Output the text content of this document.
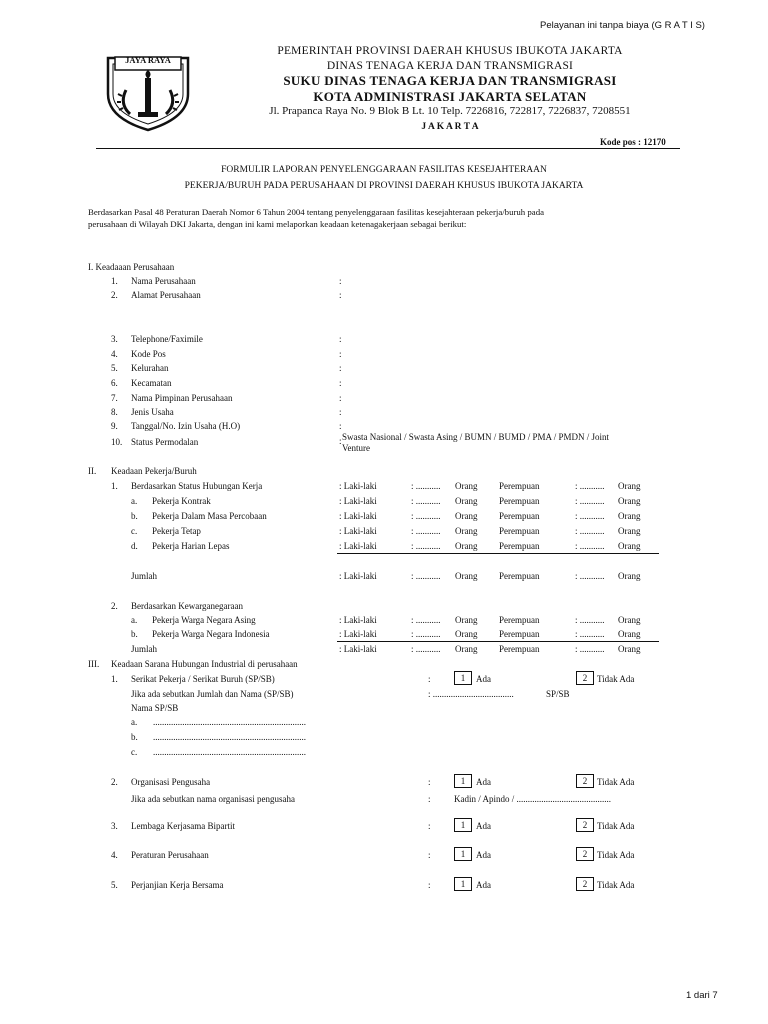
Pelayanan ini tanpa biaya (G R A T I S)
JAYA RAYA
PEMERINTAH PROVINSI DAERAH KHUSUS IBUKOTA JAKARTA
DINAS TENAGA KERJA DAN TRANSMIGRASI
SUKU DINAS TENAGA KERJA DAN TRANSMIGRASI
KOTA ADMINISTRASI JAKARTA SELATAN
Jl. Prapanca Raya No. 9 Blok B Lt. 10 Telp. 7226816, 722817, 7226837, 7208551
J A K A R T A
Kode pos : 12170
FORMULIR LAPORAN PENYELENGGARAAN FASILITAS KESEJAHTERAAN
PEKERJA/BURUH PADA PERUSAHAAN DI PROVINSI DAERAH KHUSUS IBUKOTA JAKARTA
Berdasarkan Pasal 48 Peraturan Daerah Nomor 6 Tahun 2004 tentang penyelenggaraan fasilitas kesejahteraan pekerja/buruh pada
perusahaan di Wilayah DKI Jakarta, dengan ini kami melaporkan keadaan ketenagakerjaan sebagai berikut:
I. Keadaaan Perusahaan
1. Nama Perusahaan	:
2. Alamat Perusahaan	:
3. Telephone/Faximile	:
4. Kode Pos	:
5. Kelurahan	:
6. Kecamatan	:
7. Nama Pimpinan Perusahaan	:
8. Jenis Usaha	:
9. Tanggal/No. Izin Usaha (H.O)	:
10. Status Permodalan	: Swasta Nasional / Swasta Asing / BUMN / BUMD / PMA / PMDN / Joint
Venture
II. Keadaan Pekerja/Buruh
1. Berdasarkan Status Hubungan Kerja	: Laki-laki	: ........... Orang Perempuan	: ........... Orang
a. Pekerja Kontrak	: Laki-laki	: ........... Orang Perempuan	: ........... Orang
b. Pekerja Dalam Masa Percobaan	: Laki-laki	: ........... Orang Perempuan	: ........... Orang
c. Pekerja Tetap	: Laki-laki	: ........... Orang Perempuan	: ........... Orang
d. Pekerja Harian Lepas	: Laki-laki	: ........... Orang Perempuan	: ........... Orang
Jumlah	: Laki-laki	: ........... Orang Perempuan	: ........... Orang
2. Berdasarkan Kewarganegaraan
a. Pekerja Warga Negara Asing	: Laki-laki	: ........... Orang Perempuan	: ........... Orang
b. Pekerja Warga Negara Indonesia	: Laki-laki	: ........... Orang Perempuan	: ........... Orang
Jumlah	: Laki-laki	: ........... Orang Perempuan	: ........... Orang
III. Keadaan Sarana Hubungan Industrial di perusahaan
1. Serikat Pekerja / Serikat Buruh (SP/SB)	:	1	Ada	2	Tidak Ada
Jika ada sebutkan Jumlah dan Nama (SP/SB)	: ....................................	SP/SB
Nama SP/SB
a. ....................................................................
b. ....................................................................
c. ....................................................................
2. Organisasi Pengusaha	:	1	Ada	2	Tidak Ada
Jika ada sebutkan nama organisasi pengusaha	:	Kadin / Apindo / ..........................................
3. Lembaga Kerjasama Bipartit	:	1	Ada	2	Tidak Ada
4. Peraturan Perusahaan	:	1	Ada	2	Tidak Ada
5. Perjanjian Kerja Bersama	:	1	Ada	2	Tidak Ada
1 dari 7
